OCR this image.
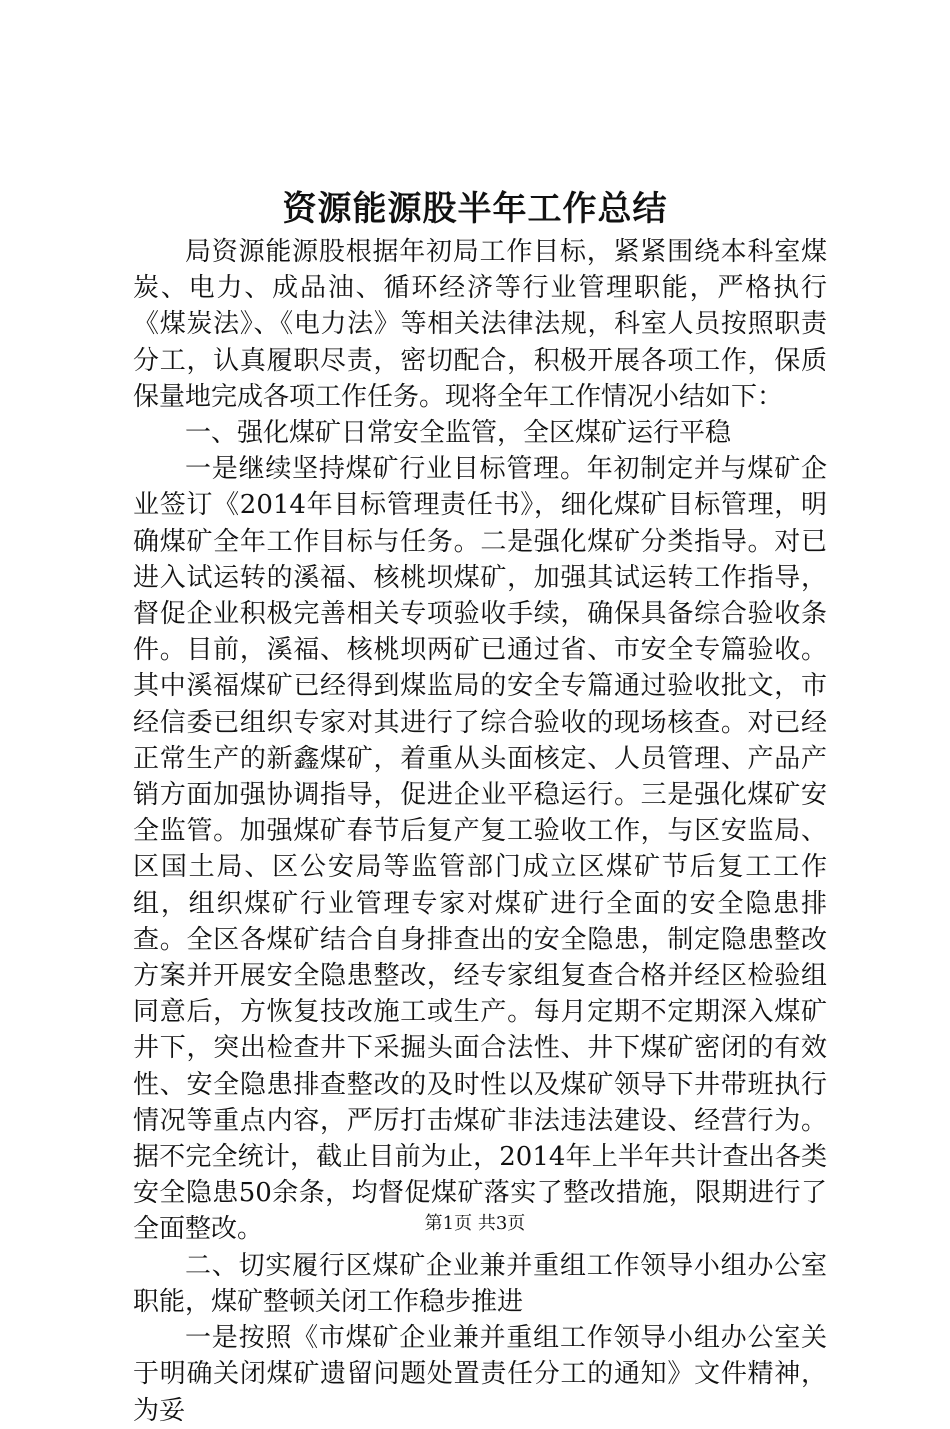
资源能源股半年工作总结

局资源能源股根据年初局工作目标，紧紧围绕本科室煤炭、电力、成品油、循环经济等行业管理职能，严格执行《煤炭法》、《电力法》等相关法律法规，科室人员按照职责分工，认真履职尽责，密切配合，积极开展各项工作，保质保量地完成各项工作任务。现将全年工作情况小结如下：

一、强化煤矿日常安全监管，全区煤矿运行平稳

一是继续坚持煤矿行业目标管理。年初制定并与煤矿企业签订《2014年目标管理责任书》，细化煤矿目标管理，明确煤矿全年工作目标与任务。二是强化煤矿分类指导。对已进入试运转的溪福、核桃坝煤矿，加强其试运转工作指导，督促企业积极完善相关专项验收手续，确保具备综合验收条件。目前，溪福、核桃坝两矿已通过省、市安全专篇验收。其中溪福煤矿已经得到煤监局的安全专篇通过验收批文，市经信委已组织专家对其进行了综合验收的现场核查。对已经正常生产的新鑫煤矿，着重从头面核定、人员管理、产品产销方面加强协调指导，促进企业平稳运行。三是强化煤矿安全监管。加强煤矿春节后复产复工验收工作，与区安监局、区国土局、区公安局等监管部门成立区煤矿节后复工工作组，组织煤矿行业管理专家对煤矿进行全面的安全隐患排查。全区各煤矿结合自身排查出的安全隐患，制定隐患整改方案并开展安全隐患整改，经专家组复查合格并经区检验组同意后，方恢复技改施工或生产。每月定期不定期深入煤矿井下，突出检查井下采掘头面合法性、井下煤矿密闭的有效性、安全隐患排查整改的及时性以及煤矿领导下井带班执行情况等重点内容，严厉打击煤矿非法违法建设、经营行为。据不完全统计，截止目前为止，2014年上半年共计查出各类安全隐患50余条，均督促煤矿落实了整改措施，限期进行了全面整改。

二、切实履行区煤矿企业兼并重组工作领导小组办公室职能，煤矿整顿关闭工作稳步推进

一是按照《市煤矿企业兼并重组工作领导小组办公室关于明确关闭煤矿遗留问题处置责任分工的通知》文件精神，为妥

第1页 共3页
